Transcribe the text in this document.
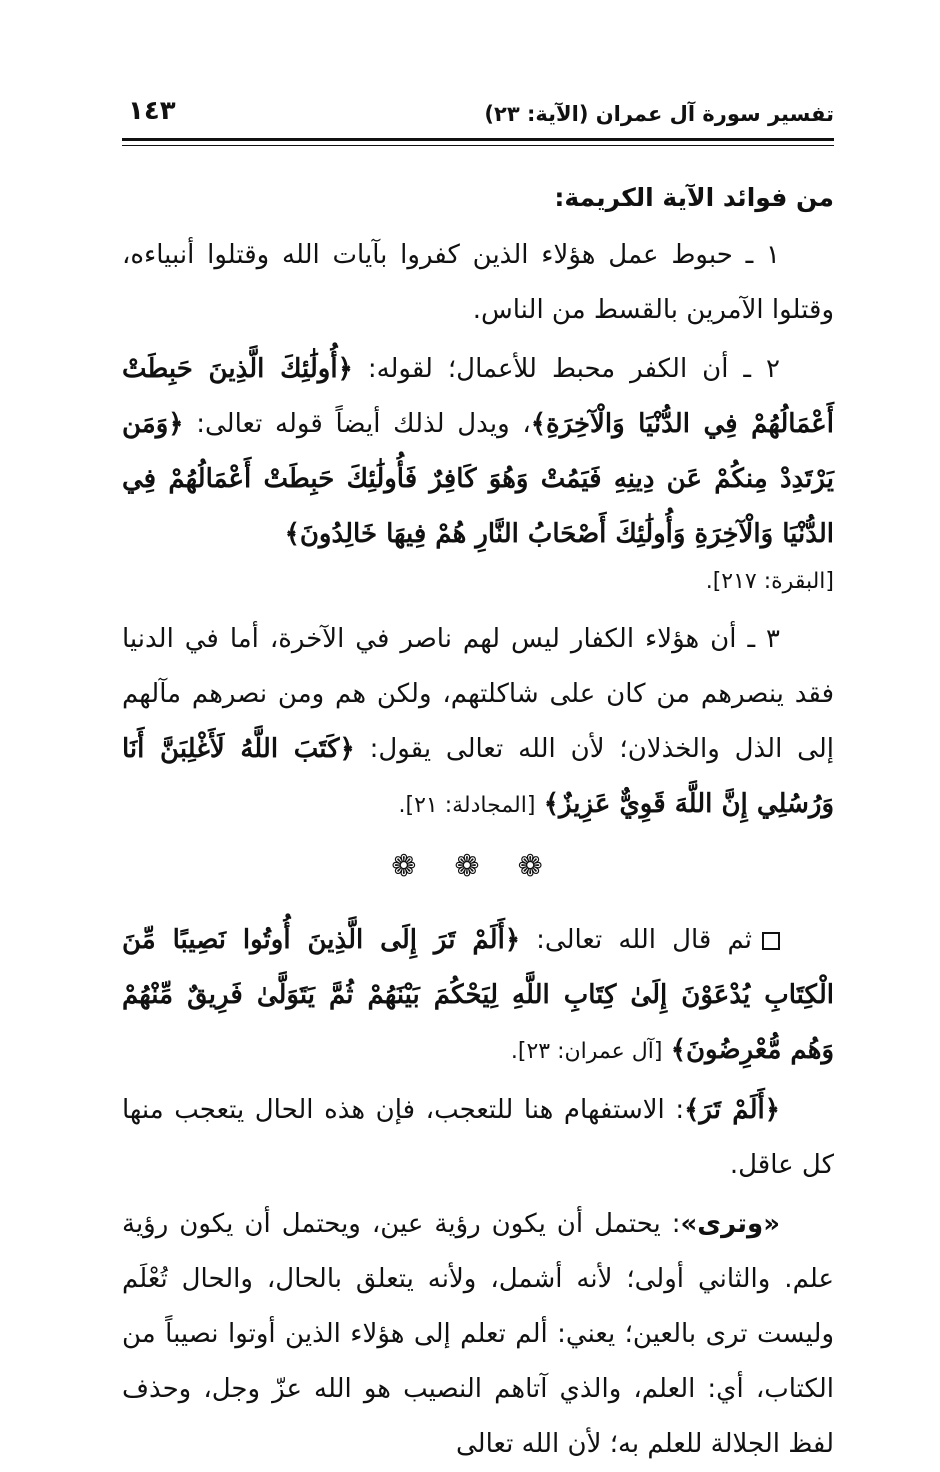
تفسير سورة آل عمران (الآية: ٢٣)
١٤٣

من فوائد الآية الكريمة:

١ ـ حبوط عمل هؤلاء الذين كفروا بآيات الله وقتلوا أنبياءه، وقتلوا الآمرين بالقسط من الناس.

٢ ـ أن الكفر محبط للأعمال؛ لقوله: ﴿أُولَٰئِكَ الَّذِينَ حَبِطَتْ أَعْمَالُهُمْ فِي الدُّنْيَا وَالْآخِرَةِ﴾، ويدل لذلك أيضاً قوله تعالى: ﴿وَمَن يَرْتَدِدْ مِنكُمْ عَن دِينِهِ فَيَمُتْ وَهُوَ كَافِرٌ فَأُولَٰئِكَ حَبِطَتْ أَعْمَالُهُمْ فِي الدُّنْيَا وَالْآخِرَةِ وَأُولَٰئِكَ أَصْحَابُ النَّارِ هُمْ فِيهَا خَالِدُونَ﴾

[البقرة: ٢١٧].

٣ ـ أن هؤلاء الكفار ليس لهم ناصر في الآخرة، أما في الدنيا فقد ينصرهم من كان على شاكلتهم، ولكن هم ومن نصرهم مآلهم إلى الذل والخذلان؛ لأن الله تعالى يقول: ﴿كَتَبَ اللَّهُ لَأَغْلِبَنَّ أَنَا وَرُسُلِي إِنَّ اللَّهَ قَوِيٌّ عَزِيزٌ﴾ [المجادلة: ٢١].

❁❁❁

ثم قال الله تعالى: ﴿أَلَمْ تَرَ إِلَى الَّذِينَ أُوتُوا نَصِيبًا مِّنَ الْكِتَابِ يُدْعَوْنَ إِلَىٰ كِتَابِ اللَّهِ لِيَحْكُمَ بَيْنَهُمْ ثُمَّ يَتَوَلَّىٰ فَرِيقٌ مِّنْهُمْ وَهُم مُّعْرِضُونَ﴾ [آل عمران: ٢٣].

﴿أَلَمْ تَرَ﴾: الاستفهام هنا للتعجب، فإن هذه الحال يتعجب منها كل عاقل.

«وترى»: يحتمل أن يكون رؤية عين، ويحتمل أن يكون رؤية علم. والثاني أولى؛ لأنه أشمل، ولأنه يتعلق بالحال، والحال تُعْلَم وليست ترى بالعين؛ يعني: ألم تعلم إلى هؤلاء الذين أوتوا نصيباً من الكتاب، أي: العلم، والذي آتاهم النصيب هو الله عزّ وجل، وحذف لفظ الجلالة للعلم به؛ لأن الله تعالى
